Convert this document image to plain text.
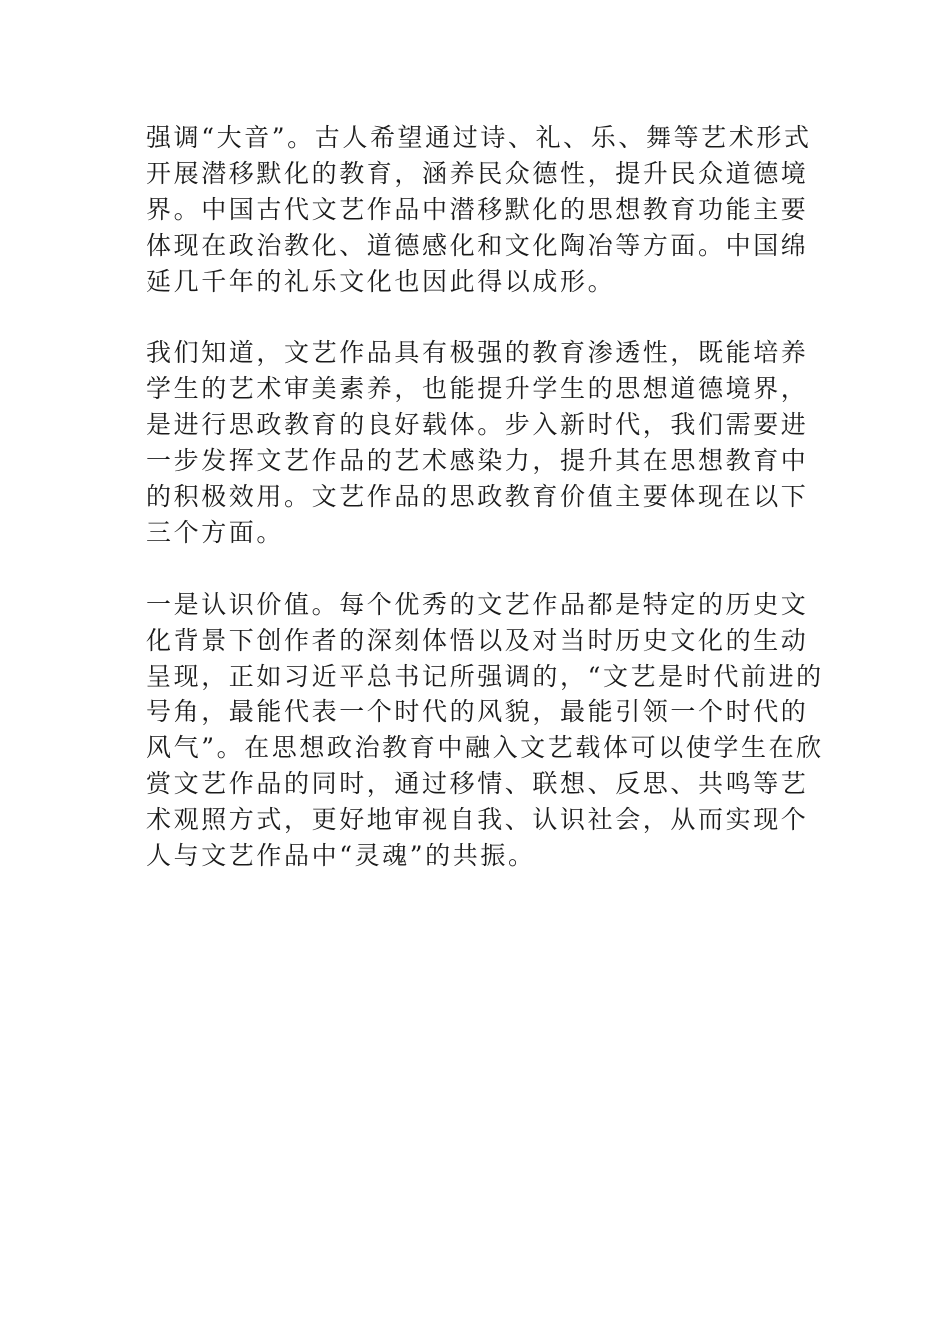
强调“大音”。古人希望通过诗、礼、乐、舞等艺术形式
开展潜移默化的教育，涵养民众德性，提升民众道德境
界。中国古代文艺作品中潜移默化的思想教育功能主要
体现在政治教化、道德感化和文化陶冶等方面。中国绵
延几千年的礼乐文化也因此得以成形。

我们知道，文艺作品具有极强的教育渗透性，既能培养
学生的艺术审美素养，也能提升学生的思想道德境界，
是进行思政教育的良好载体。步入新时代，我们需要进
一步发挥文艺作品的艺术感染力，提升其在思想教育中
的积极效用。文艺作品的思政教育价值主要体现在以下
三个方面。

一是认识价值。每个优秀的文艺作品都是特定的历史文
化背景下创作者的深刻体悟以及对当时历史文化的生动
呈现，正如习近平总书记所强调的，“文艺是时代前进的
号角，最能代表一个时代的风貌，最能引领一个时代的
风气”。在思想政治教育中融入文艺载体可以使学生在欣
赏文艺作品的同时，通过移情、联想、反思、共鸣等艺
术观照方式，更好地审视自我、认识社会，从而实现个
人与文艺作品中“灵魂”的共振。
